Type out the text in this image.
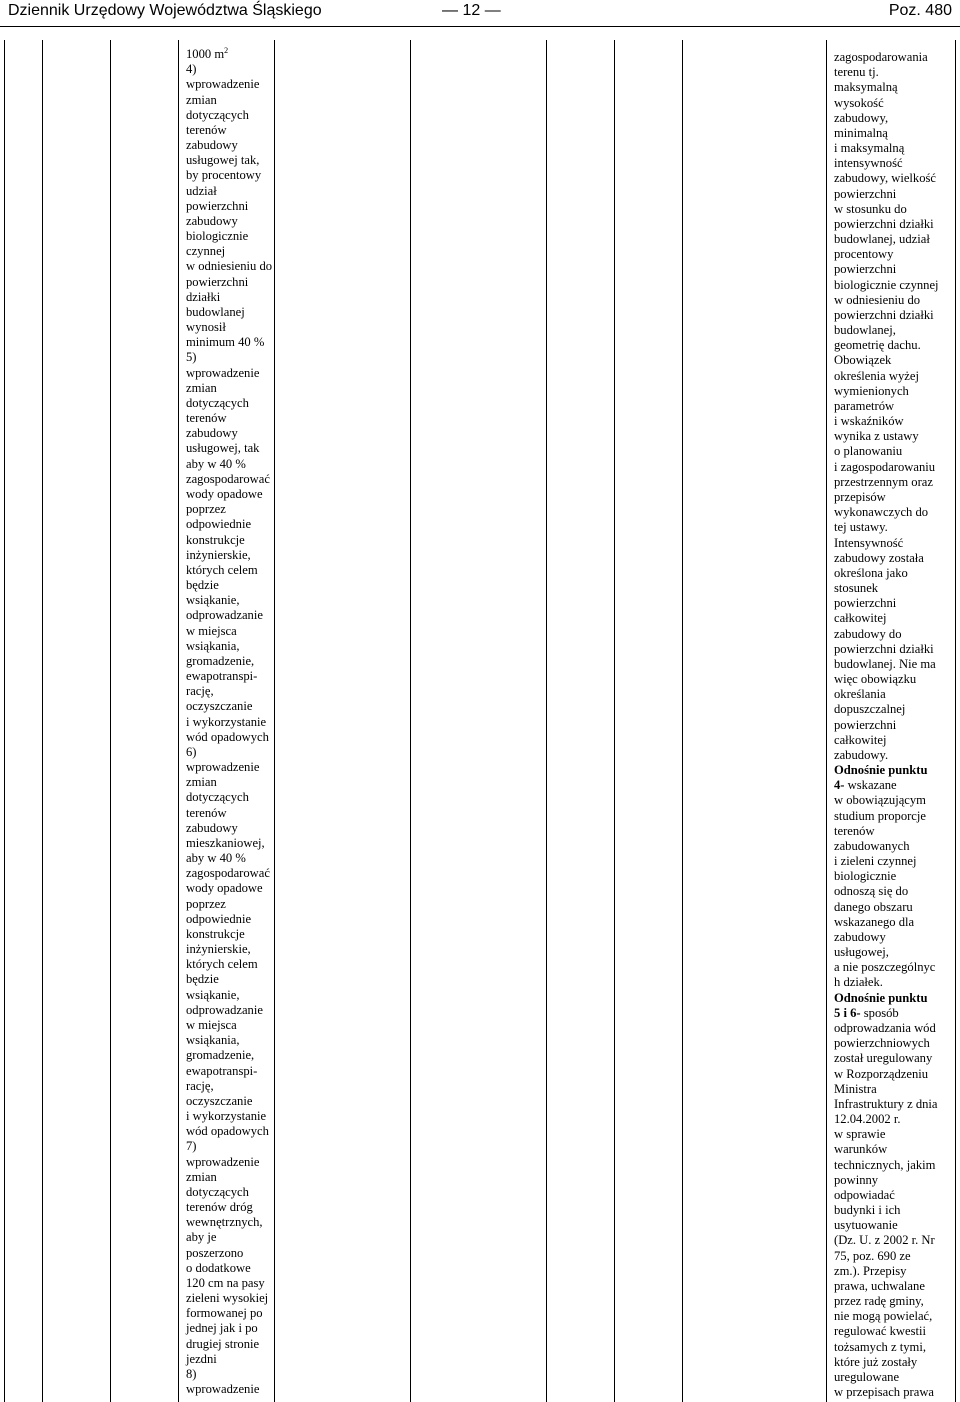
Dziennik Urzędowy Województwa Śląskiego	— 12 —	Poz. 480
1000 $m^2$
4)
wprowadzenie
zmian
dotyczących
terenów
zabudowy
usługowej tak,
by procentowy
udział
powierzchni
zabudowy
biologicznie
czynnej
w odniesieniu do
powierzchni
działki
budowlanej
wynosił
minimum 40 %
5)
wprowadzenie
zmian
dotyczących
terenów
zabudowy
usługowej, tak
aby w 40 %
zagospodarować
wody opadowe
poprzez
odpowiednie
konstrukcje
inżynierskie,
których celem
będzie
wsiąkanie,
odprowadzanie
w miejsca
wsiąkania,
gromadzenie,
ewapotranspi-
rację,
oczyszczanie
i wykorzystanie
wód opadowych
6)
wprowadzenie
zmian
dotyczących
terenów
zabudowy
mieszkaniowej,
aby w 40 %
zagospodarować
wody opadowe
poprzez
odpowiednie
konstrukcje
inżynierskie,
których celem
będzie
wsiąkanie,
odprowadzanie
w miejsca
wsiąkania,
gromadzenie,
ewapotranspi-
rację,
oczyszczanie
i wykorzystanie
wód opadowych
7)
wprowadzenie
zmian
dotyczących
terenów dróg
wewnętrznych,
aby je
poszerzono
o dodatkowe
120 cm na pasy
zieleni wysokiej
formowanej po
jednej jak i po
drugiej stronie
jezdni
8)
wprowadzenie
zagospodarowania
terenu tj.
maksymalną
wysokość
zabudowy,
minimalną
i maksymalną
intensywność
zabudowy, wielkość
powierzchni
w stosunku do
powierzchni działki
budowlanej, udział
procentowy
powierzchni
biologicznie czynnej
w odniesieniu do
powierzchni działki
budowlanej,
geometrię dachu.
Obowiązek
określenia wyżej
wymienionych
parametrów
i wskaźników
wynika z ustawy
o planowaniu
i zagospodarowaniu
przestrzennym oraz
przepisów
wykonawczych do
tej ustawy.
Intensywność
zabudowy została
określona jako
stosunek
powierzchni
całkowitej
zabudowy do
powierzchni działki
budowlanej. Nie ma
więc obowiązku
określania
dopuszczalnej
powierzchni
całkowitej
zabudowy.
Odnośnie punktu
4- wskazane
w obowiązującym
studium proporcje
terenów
zabudowanych
i zieleni czynnej
biologicznie
odnoszą się do
danego obszaru
wskazanego dla
zabudowy
usługowej,
a nie poszczególnyc
h działek.
Odnośnie punktu
5 i 6- sposób
odprowadzania wód
powierzchniowych
został uregulowany
w Rozporządzeniu
Ministra
Infrastruktury z dnia
12.04.2002 r.
w sprawie
warunków
technicznych, jakim
powinny
odpowiadać
budynki i ich
usytuowanie
(Dz. U. z 2002 r. Nr
75, poz. 690 ze
zm.). Przepisy
prawa, uchwalane
przez radę gminy,
nie mogą powielać,
regulować kwestii
tożsamych z tymi,
które już zostały
uregulowane
w przepisach prawa
